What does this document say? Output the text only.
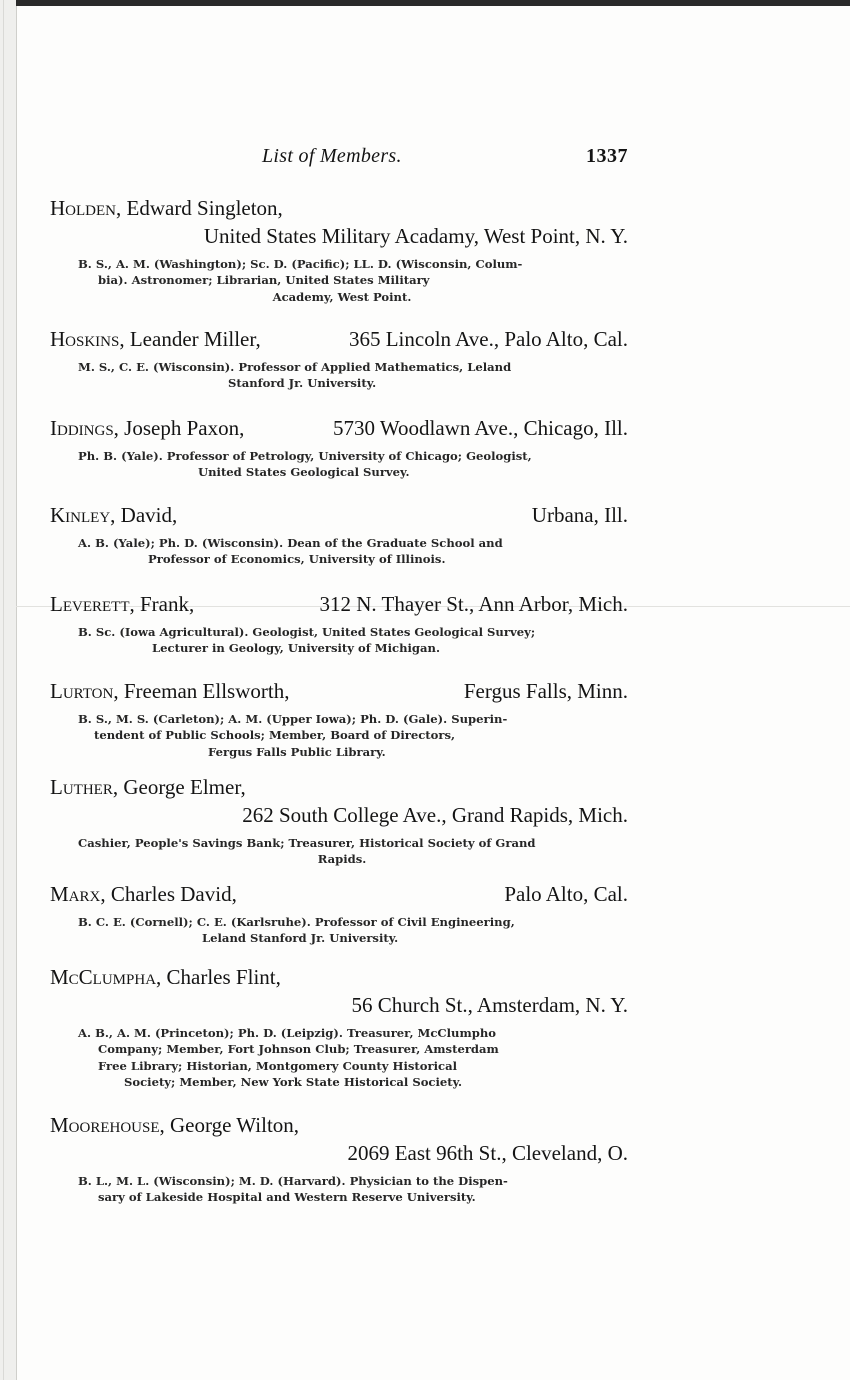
List of Members.	1337
Holden, Edward Singleton,
United States Military Acadamy, West Point, N. Y.
B. S., A. M. (Washington); Sc. D. (Pacific); LL. D. (Wisconsin, Colum-
bia). Astronomer; Librarian, United States Military
Academy, West Point.
Hoskins, Leander Miller,	365 Lincoln Ave., Palo Alto, Cal.
M. S., C. E. (Wisconsin). Professor of Applied Mathematics, Leland
Stanford Jr. University.
Iddings, Joseph Paxon,	5730 Woodlawn Ave., Chicago, Ill.
Ph. B. (Yale). Professor of Petrology, University of Chicago; Geologist,
United States Geological Survey.
Kinley, David,	Urbana, Ill.
A. B. (Yale); Ph. D. (Wisconsin). Dean of the Graduate School and
Professor of Economics, University of Illinois.
Leverett, Frank,	312 N. Thayer St., Ann Arbor, Mich.
B. Sc. (Iowa Agricultural). Geologist, United States Geological Survey;
Lecturer in Geology, University of Michigan.
Lurton, Freeman Ellsworth,	Fergus Falls, Minn.
B. S., M. S. (Carleton); A. M. (Upper Iowa); Ph. D. (Gale). Superin-
tendent of Public Schools; Member, Board of Directors,
Fergus Falls Public Library.
Luther, George Elmer,
262 South College Ave., Grand Rapids, Mich.
Cashier, People's Savings Bank; Treasurer, Historical Society of Grand
Rapids.
Marx, Charles David,	Palo Alto, Cal.
B. C. E. (Cornell); C. E. (Karlsruhe). Professor of Civil Engineering,
Leland Stanford Jr. University.
McClumpha, Charles Flint,
56 Church St., Amsterdam, N. Y.
A. B., A. M. (Princeton); Ph. D. (Leipzig). Treasurer, McClumpho
Company; Member, Fort Johnson Club; Treasurer, Amsterdam
Free Library; Historian, Montgomery County Historical
Society; Member, New York State Historical Society.
Moorehouse, George Wilton,
2069 East 96th St., Cleveland, O.
B. L., M. L. (Wisconsin); M. D. (Harvard). Physician to the Dispen-
sary of Lakeside Hospital and Western Reserve University.
